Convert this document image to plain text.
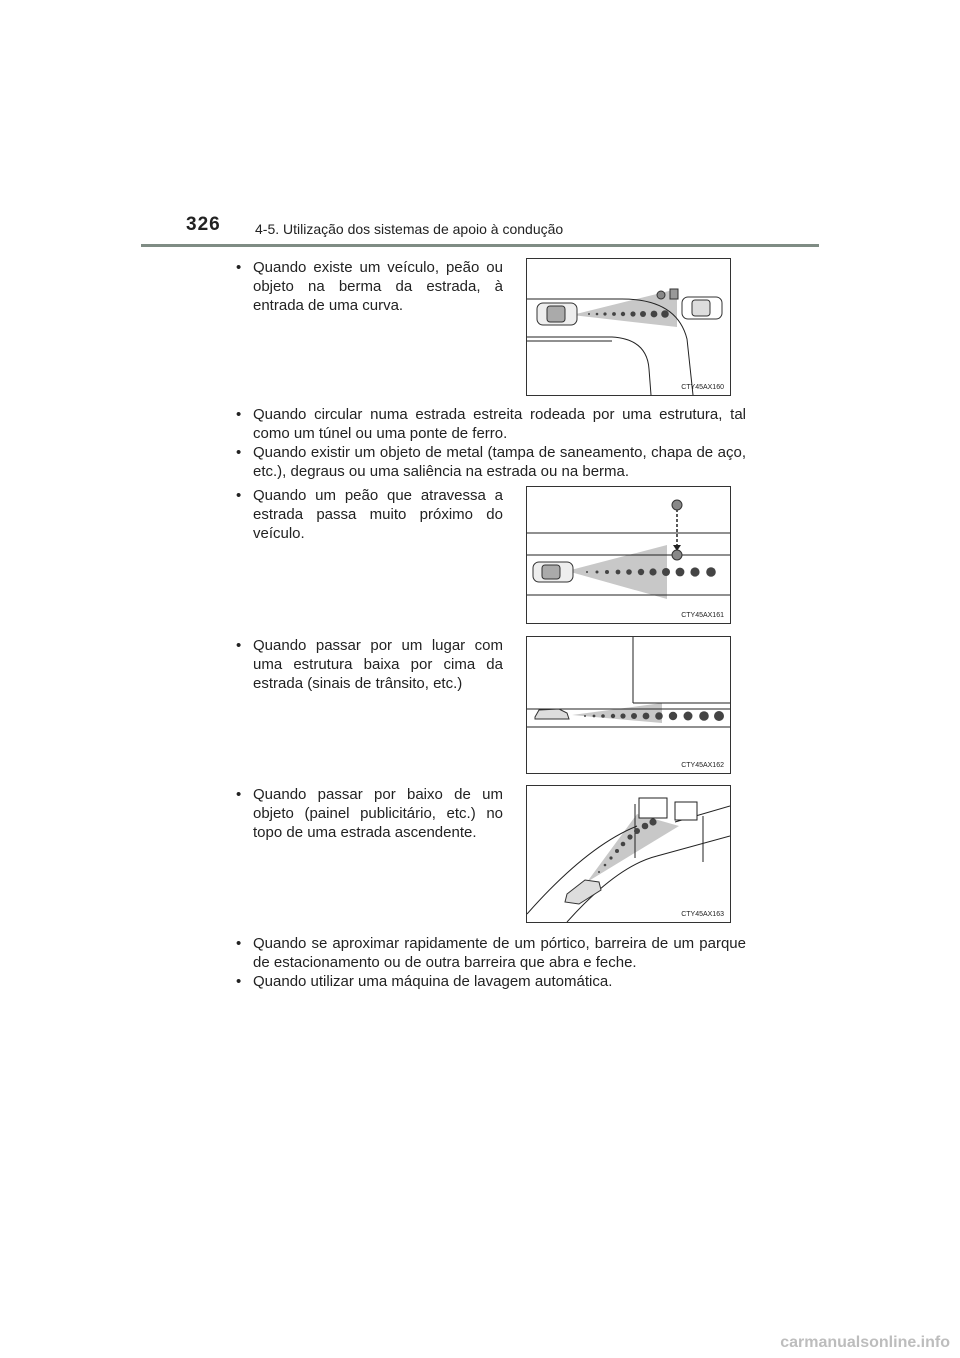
326 4-5. Utilização dos sistemas de apoio à condução
• Quando existe um veículo, peão ou objeto na berma da estrada, à entrada de uma curva.
CTY45AX160
• Quando circular numa estrada estreita rodeada por uma estrutura, tal como um túnel ou uma ponte de ferro.
• Quando existir um objeto de metal (tampa de saneamento, chapa de aço, etc.), degraus ou uma saliência na estrada ou na berma.
• Quando um peão que atravessa a estrada passa muito próximo do veículo.
CTY45AX161
• Quando passar por um lugar com uma estrutura baixa por cima da estrada (sinais de trânsito, etc.)
CTY45AX162
• Quando passar por baixo de um objeto (painel publicitário, etc.) no topo de uma estrada ascendente.
CTY45AX163
• Quando se aproximar rapidamente de um pórtico, barreira de um parque de estacionamento ou de outra barreira que abra e feche.
• Quando utilizar uma máquina de lavagem automática.
carmanualsonline.info
